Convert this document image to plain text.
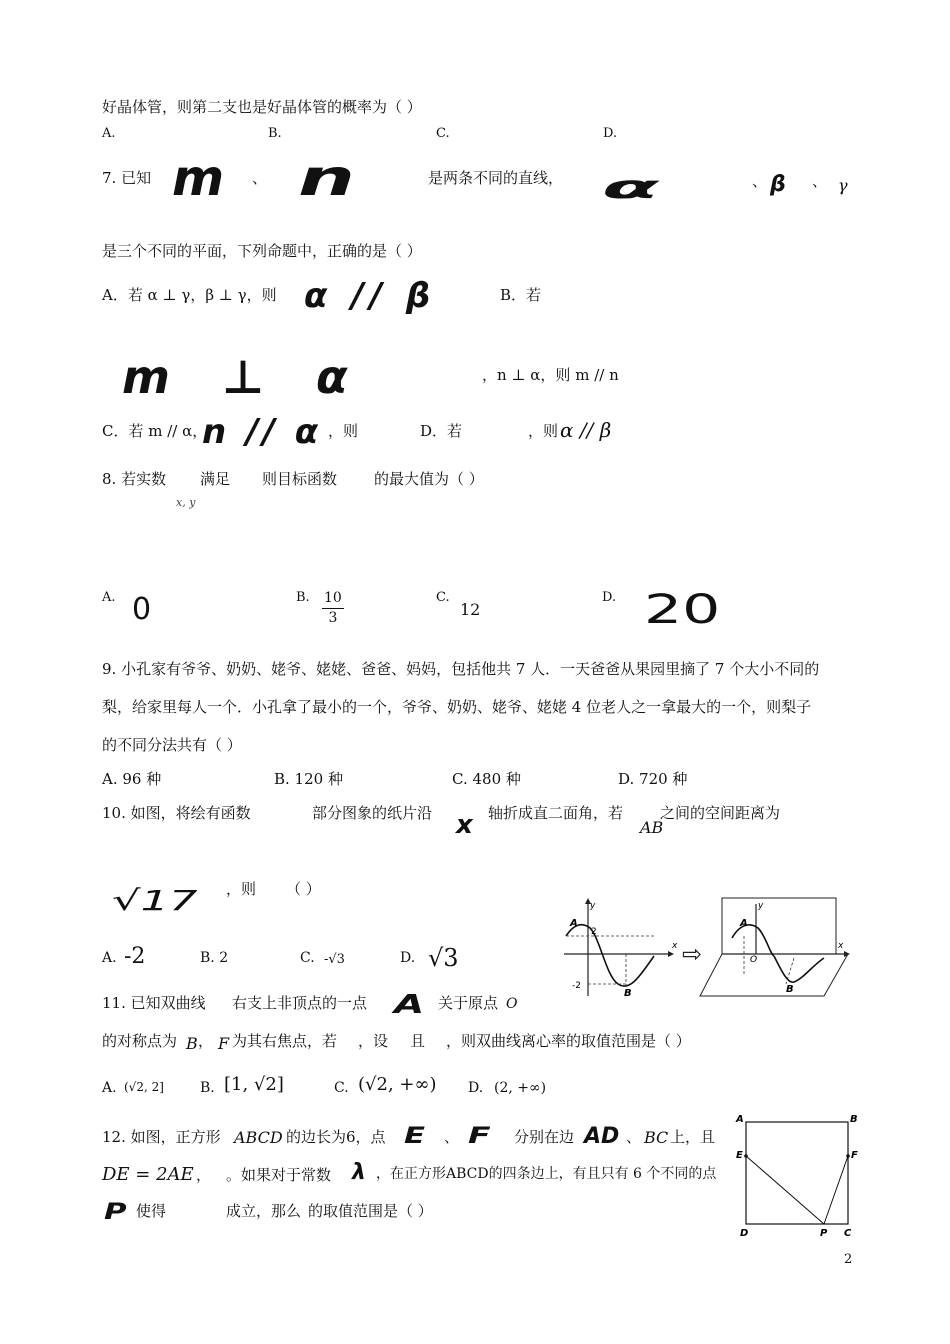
好晶体管，则第二支也是好晶体管的概率为（ ）
A.	B.	C.	D.
7. 已知 m 、 n	是两条不同的直线， α	、 β 、 γ
是三个不同的平面，下列命题中，正确的是（ ）
A．若 α ⊥ γ，β ⊥ γ，则 α // β	B．若
m ⊥ α	，n ⊥ α，则 m // n
C．若 m // α，
n // α ，则	D．若	，则 α // β
8. 若实数 满足 则目标函数 的最大值为（ ）
x, y
A. 0	B. $\frac{10}{3}$	C.
12
D. 20
9. 小孔家有爷爷、奶奶、姥爷、姥姥、爸爸、妈妈，包括他共 7 人．一天爸爸从果园里摘了 7 个大小不同的
梨，给家里每人一个．小孔拿了最小的一个，爷爷、奶奶、姥爷、姥姥 4 位老人之一拿最大的一个，则梨子
的不同分法共有（ ）
A. 96 种	B. 120 种	C. 480 种	D. 720 种
10. 如图，将绘有函数	部分图象的纸片沿 x 轴折成直二面角，若
AB
之间的空间距离为
√17 ，则 （ ）
A. -2	B. 2	C. -√3	D. √3
A
y
x
2
-2
B
⇨
A
y
x
O
B
11. 已知双曲线 右支上非顶点的一点 A 关于原点 O
的对称点为 B ， F 为其右焦点，若 ，设 且 ，则双曲线离心率的取值范围是（ ）
A. (√2, 2]	B. [1, √2]	C. (√2, +∞) D. (2, +∞)
12. 如图，正方形 ABCD 的边长为6，点 E 、 F 分别在边 AD 、 BC 上，且
DE = 2AE ， 。如果对于常数 λ ，在正方形ABCD的四条边上，有且只有 6 个不同的点
P 使得	成立，那么 的取值范围是（ ）
A	B
C
D
E	F
P
2
